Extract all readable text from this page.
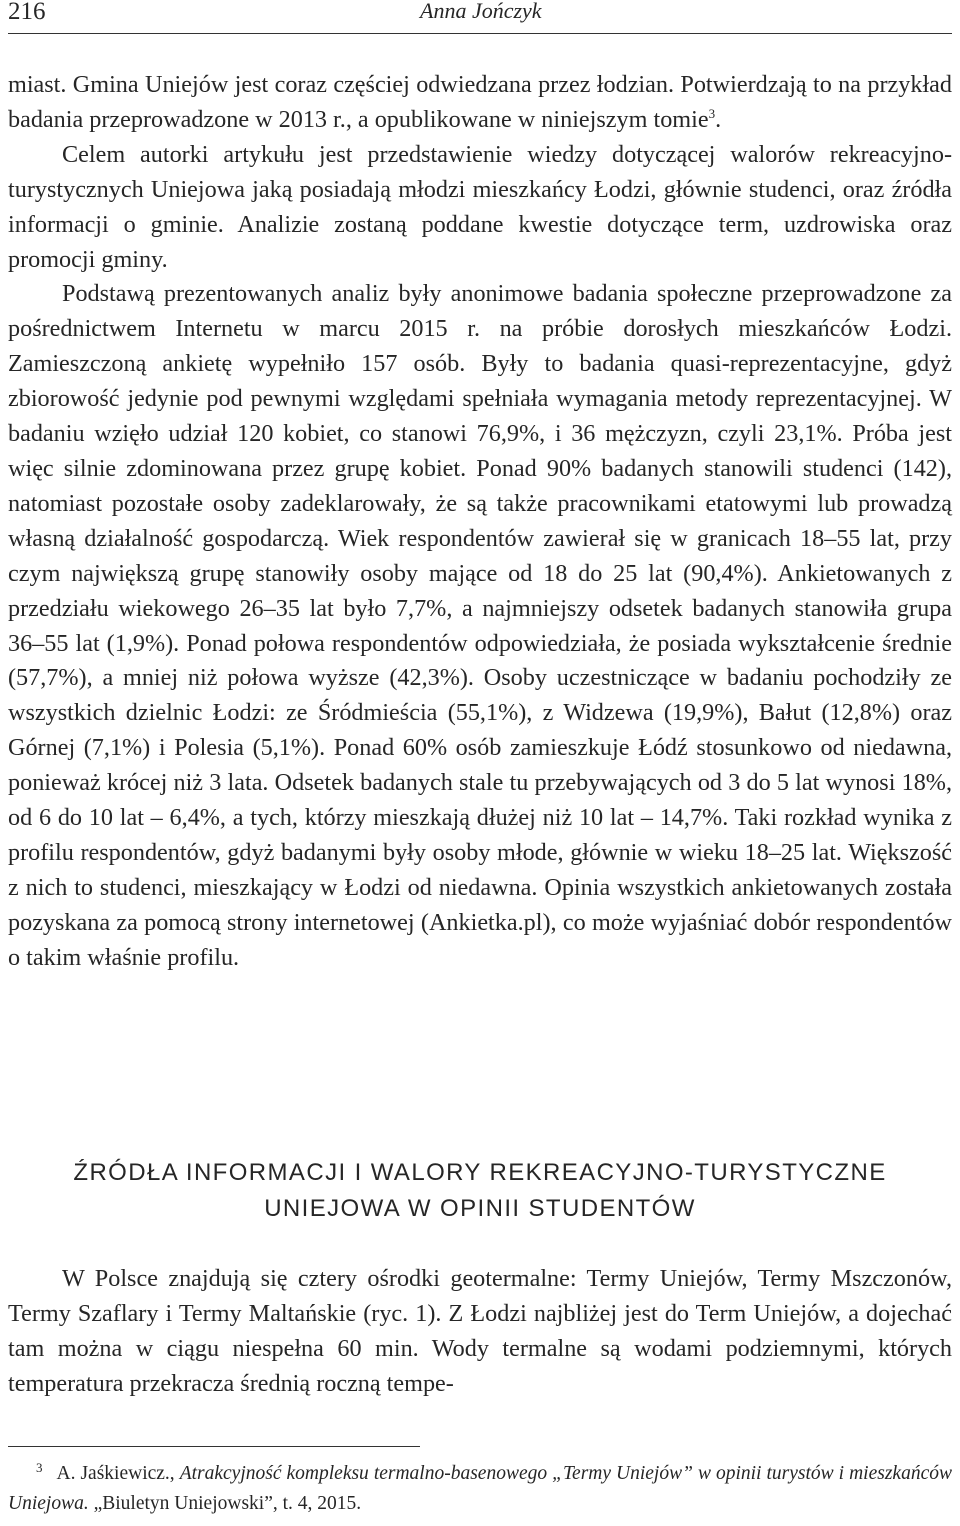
216	Anna Jończyk

miast. Gmina Uniejów jest coraz częściej odwiedzana przez łodzian. Potwierdzają to na przykład badania przeprowadzone w 2013 r., a opublikowane w niniejszym tomie$^3$.

Celem autorki artykułu jest przedstawienie wiedzy dotyczącej walorów rekreacyjno-turystycznych Uniejowa jaką posiadają młodzi mieszkańcy Łodzi, głównie studenci, oraz źródła informacji o gminie. Analizie zostaną poddane kwestie dotyczące term, uzdrowiska oraz promocji gminy.

Podstawą prezentowanych analiz były anonimowe badania społeczne przeprowadzone za pośrednictwem Internetu w marcu 2015 r. na próbie dorosłych mieszkańców Łodzi. Zamieszczoną ankietę wypełniło 157 osób. Były to badania quasi-reprezentacyjne, gdyż zbiorowość jedynie pod pewnymi względami spełniała wymagania metody reprezentacyjnej. W badaniu wzięło udział 120 kobiet, co stanowi 76,9%, i 36 mężczyzn, czyli 23,1%. Próba jest więc silnie zdominowana przez grupę kobiet. Ponad 90% badanych stanowili studenci (142), natomiast pozostałe osoby zadeklarowały, że są także pracownikami etatowymi lub prowadzą własną działalność gospodarczą. Wiek respondentów zawierał się w granicach 18–55 lat, przy czym największą grupę stanowiły osoby mające od 18 do 25 lat (90,4%). Ankietowanych z przedziału wiekowego 26–35 lat było 7,7%, a najmniejszy odsetek badanych stanowiła grupa 36–55 lat (1,9%). Ponad połowa respondentów odpowiedziała, że posiada wykształcenie średnie (57,7%), a mniej niż połowa wyższe (42,3%). Osoby uczestniczące w badaniu pochodziły ze wszystkich dzielnic Łodzi: ze Śródmieścia (55,1%), z Widzewa (19,9%), Bałut (12,8%) oraz Górnej (7,1%) i Polesia (5,1%). Ponad 60% osób zamieszkuje Łódź stosunkowo od niedawna, ponieważ krócej niż 3 lata. Odsetek badanych stale tu przebywających od 3 do 5 lat wynosi 18%, od 6 do 10 lat – 6,4%, a tych, którzy mieszkają dłużej niż 10 lat – 14,7%. Taki rozkład wynika z profilu respondentów, gdyż badanymi były osoby młode, głównie w wieku 18–25 lat. Większość z nich to studenci, mieszkający w Łodzi od niedawna. Opinia wszystkich ankietowanych została pozyskana za pomocą strony internetowej (Ankietka.pl), co może wyjaśniać dobór respondentów o takim właśnie profilu.

ŹRÓDŁA INFORMACJI I WALORY REKREACYJNO-TURYSTYCZNE
UNIEJOWA W OPINII STUDENTÓW

W Polsce znajdują się cztery ośrodki geotermalne: Termy Uniejów, Termy Mszczonów, Termy Szaflary i Termy Maltańskie (ryc. 1). Z Łodzi najbliżej jest do Term Uniejów, a dojechać tam można w ciągu niespełna 60 min. Wody termalne są wodami podziemnymi, których temperatura przekracza średnią roczną tempe-

$^3$ A. Jaśkiewicz., Atrakcyjność kompleksu termalno-basenowego „Termy Uniejów” w opinii turystów i mieszkańców Uniejowa. „Biuletyn Uniejowski”, t. 4, 2015.
